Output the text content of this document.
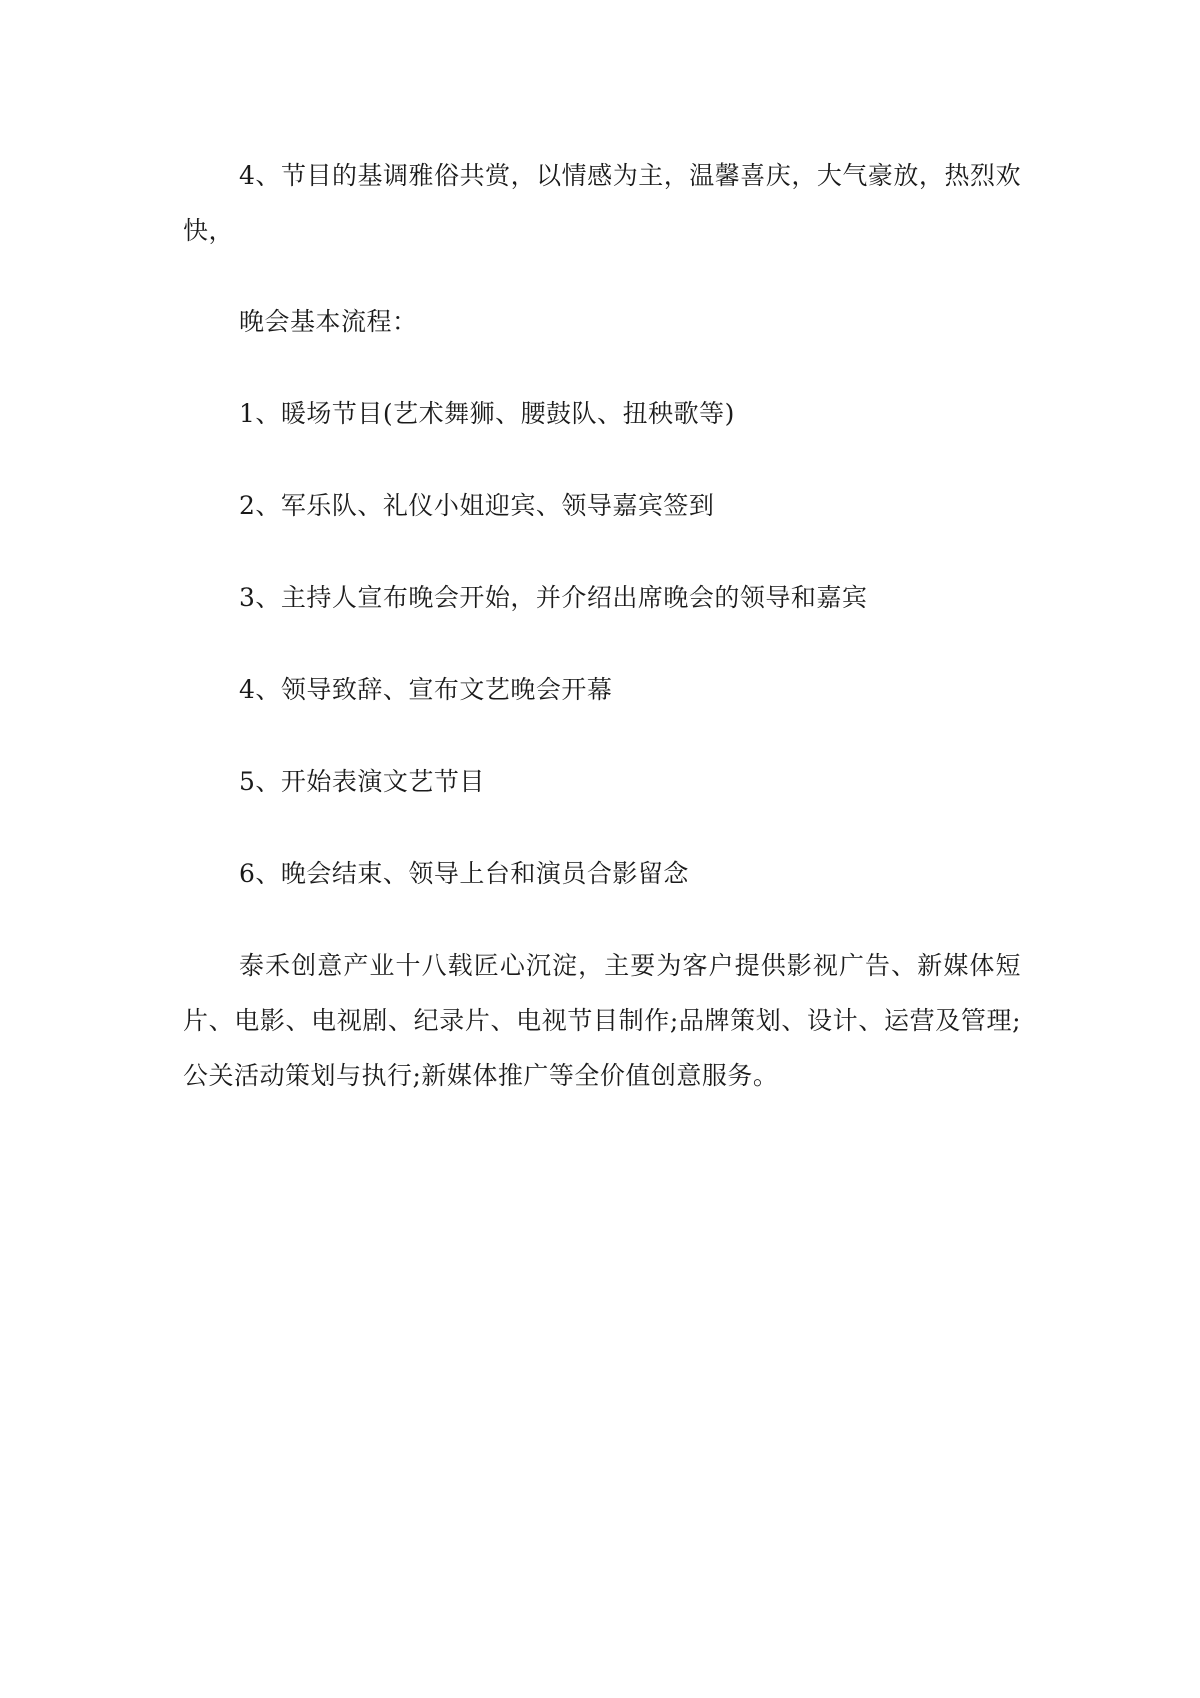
4、节目的基调雅俗共赏，以情感为主，温馨喜庆，大气豪放，热烈欢快，

晚会基本流程：

1、暖场节目(艺术舞狮、腰鼓队、扭秧歌等)

2、军乐队、礼仪小姐迎宾、领导嘉宾签到

3、主持人宣布晚会开始，并介绍出席晚会的领导和嘉宾

4、领导致辞、宣布文艺晚会开幕

5、开始表演文艺节目

6、晚会结束、领导上台和演员合影留念

泰禾创意产业十八载匠心沉淀，主要为客户提供影视广告、新媒体短片、电影、电视剧、纪录片、电视节目制作;品牌策划、设计、运营及管理;公关活动策划与执行;新媒体推广等全价值创意服务。
